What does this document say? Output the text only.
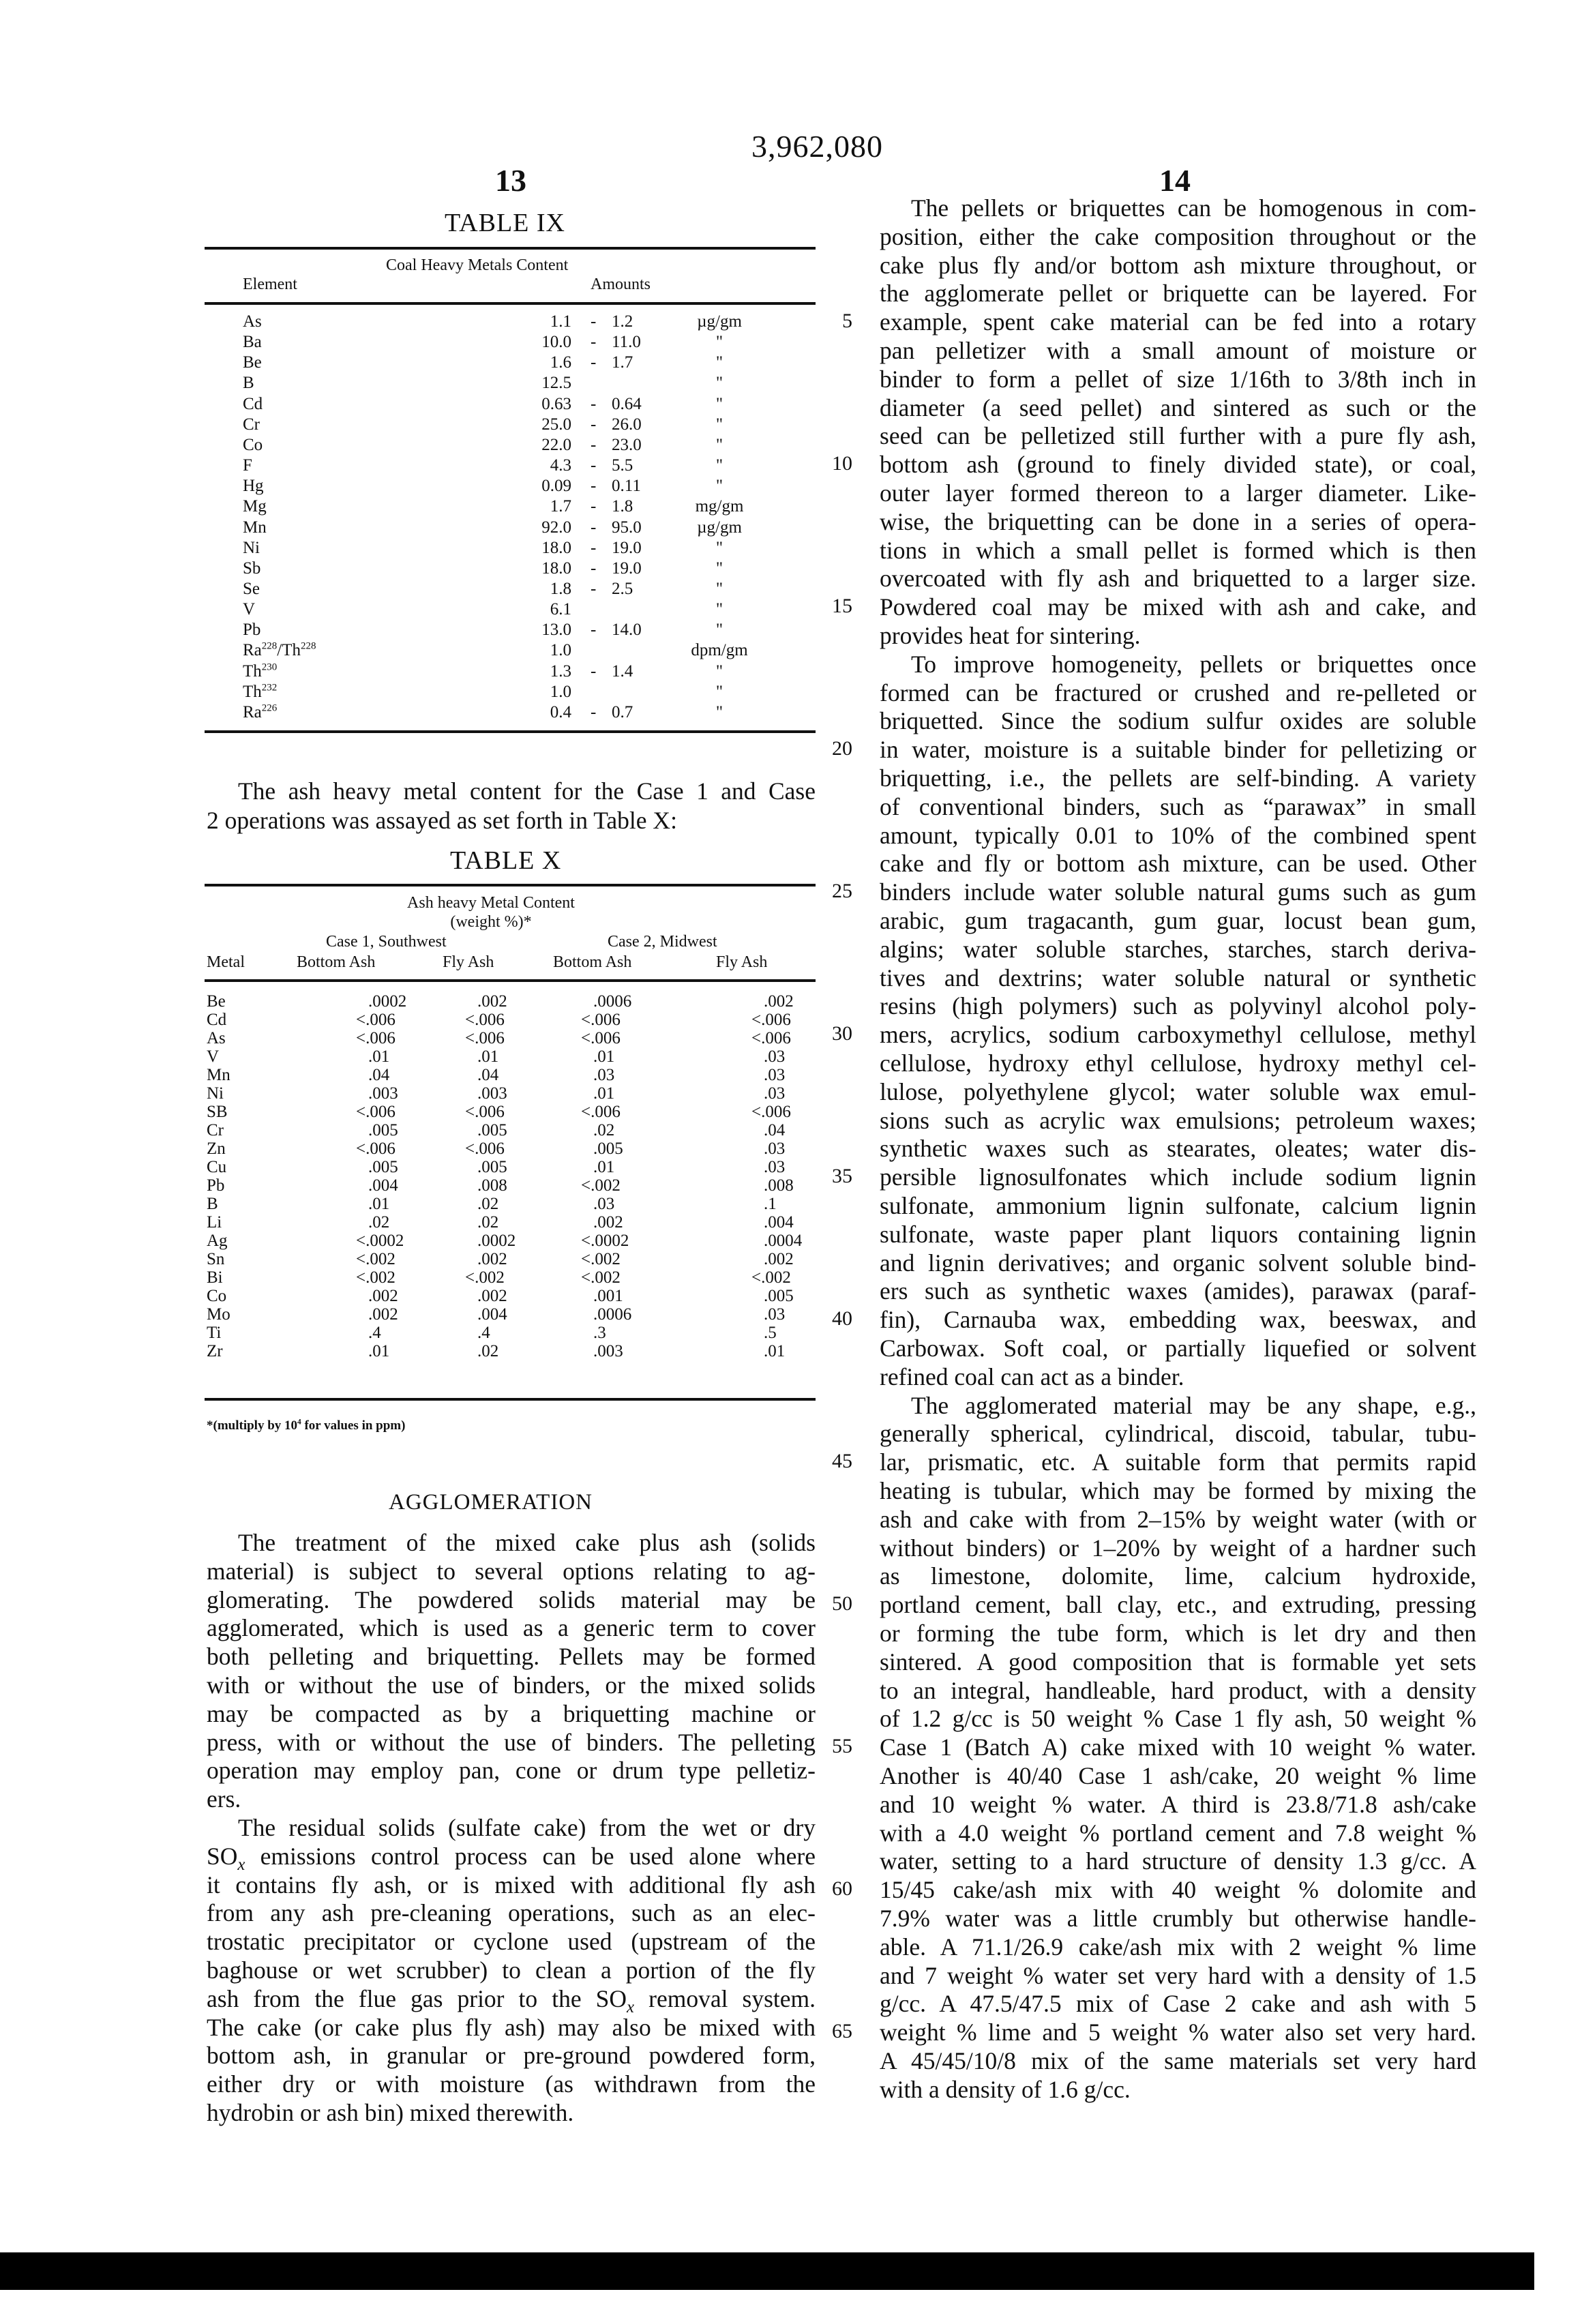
3,962,080
13	14
TABLE IX
Coal Heavy Metals Content
Element	Amounts
As	1.1 - 1.2	µg/gm
Ba	10.0 - 11.0	"
Be	1.6 - 1.7	"
B	12.5	"
Cd	0.63 - 0.64	"
Cr	25.0 - 26.0	"
Co	22.0 - 23.0	"
F	4.3 - 5.5	"
Hg	0.09 - 0.11	"
Mg	1.7 - 1.8	mg/gm
Mn	92.0 - 95.0	µg/gm
Ni	18.0 - 19.0	"
Sb	18.0 - 19.0	"
Se	1.8 - 2.5	"
V	6.1	"
Pb	13.0 - 14.0	"
Ra$^{228}$/Th$^{228}$	1.0	dpm/gm
Th$^{230}$	1.3 - 1.4	"
Th$^{232}$	1.0	"
Ra$^{226}$	0.4 - 0.7	"
The ash heavy metal content for the Case 1 and Case
2 operations was assayed as set forth in Table X:
TABLE X
Ash heavy Metal Content
(weight %)*
Case 1, Southwest	Case 2, Midwest
Metal	Bottom Ash	Fly Ash	Bottom Ash	Fly Ash
Be	.0002	.002	.0006	.002
Cd	<.006	<.006	<.006	<.006
As	<.006	<.006	<.006	<.006
V	.01	.01	.01	.03
Mn	.04	.04	.03	.03
Ni	.003	.003	.01	.03
SB	<.006	<.006	<.006	<.006
Cr	.005	.005	.02	.04
Zn	<.006	<.006	.005	.03
Cu	.005	.005	.01	.03
Pb	.004	.008	<.002	.008
B	.01	.02	.03	.1
Li	.02	.02	.002	.004
Ag	<.0002	.0002	<.0002	.0004
Sn	<.002	.002	<.002	.002
Bi	<.002	<.002	<.002	<.002
Co	.002	.002	.001	.005
Mo	.002	.004	.0006	.03
Ti	.4	.4	.3	.5
Zr	.01	.02	.003	.01
*(multiply by $10^4$ for values in ppm)
AGGLOMERATION
The treatment of the mixed cake plus ash (solids
material) is subject to several options relating to ag-
glomerating. The powdered solids material may be
agglomerated, which is used as a generic term to cover
both pelleting and briquetting. Pellets may be formed
with or without the use of binders, or the mixed solids
may be compacted as by a briquetting machine or
press, with or without the use of binders. The pelleting
operation may employ pan, cone or drum type pelletiz-
ers.
The residual solids (sulfate cake) from the wet or dry
$SO_x$ emissions control process can be used alone where
it contains fly ash, or is mixed with additional fly ash
from any ash pre-cleaning operations, such as an elec-
trostatic precipitator or cyclone used (upstream of the
baghouse or wet scrubber) to clean a portion of the fly
ash from the flue gas prior to the $SO_x$ removal system.
The cake (or cake plus fly ash) may also be mixed with
bottom ash, in granular or pre-ground powdered form,
either dry or with moisture (as withdrawn from the
hydrobin or ash bin) mixed therewith.
The pellets or briquettes can be homogenous in com-
position, either the cake composition throughout or the
cake plus fly and/or bottom ash mixture throughout, or
the agglomerate pellet or briquette can be layered. For
example, spent cake material can be fed into a rotary
pan pelletizer with a small amount of moisture or
binder to form a pellet of size 1/16th to 3/8th inch in
diameter (a seed pellet) and sintered as such or the
seed can be pelletized still further with a pure fly ash,
bottom ash (ground to finely divided state), or coal,
outer layer formed thereon to a larger diameter. Like-
wise, the briquetting can be done in a series of opera-
tions in which a small pellet is formed which is then
overcoated with fly ash and briquetted to a larger size.
Powdered coal may be mixed with ash and cake, and
provides heat for sintering.
To improve homogeneity, pellets or briquettes once
formed can be fractured or crushed and re-pelleted or
briquetted. Since the sodium sulfur oxides are soluble
in water, moisture is a suitable binder for pelletizing or
briquetting, i.e., the pellets are self-binding. A variety
of conventional binders, such as “parawax” in small
amount, typically 0.01 to 10% of the combined spent
cake and fly or bottom ash mixture, can be used. Other
binders include water soluble natural gums such as gum
arabic, gum tragacanth, gum guar, locust bean gum,
algins; water soluble starches, starches, starch deriva-
tives and dextrins; water soluble natural or synthetic
resins (high polymers) such as polyvinyl alcohol poly-
mers, acrylics, sodium carboxymethyl cellulose, methyl
cellulose, hydroxy ethyl cellulose, hydroxy methyl cel-
lulose, polyethylene glycol; water soluble wax emul-
sions such as acrylic wax emulsions; petroleum waxes;
synthetic waxes such as stearates, oleates; water dis-
persible lignosulfonates which include sodium lignin
sulfonate, ammonium lignin sulfonate, calcium lignin
sulfonate, waste paper plant liquors containing lignin
and lignin derivatives; and organic solvent soluble bind-
ers such as synthetic waxes (amides), parawax (paraf-
fin), Carnauba wax, embedding wax, beeswax, and
Carbowax. Soft coal, or partially liquefied or solvent
refined coal can act as a binder.
The agglomerated material may be any shape, e.g.,
generally spherical, cylindrical, discoid, tabular, tubu-
lar, prismatic, etc. A suitable form that permits rapid
heating is tubular, which may be formed by mixing the
ash and cake with from 2–15% by weight water (with or
without binders) or 1–20% by weight of a hardner such
as limestone, dolomite, lime, calcium hydroxide,
portland cement, ball clay, etc., and extruding, pressing
or forming the tube form, which is let dry and then
sintered. A good composition that is formable yet sets
to an integral, handleable, hard product, with a density
of 1.2 g/cc is 50 weight % Case 1 fly ash, 50 weight %
Case 1 (Batch A) cake mixed with 10 weight % water.
Another is 40/40 Case 1 ash/cake, 20 weight % lime
and 10 weight % water. A third is 23.8/71.8 ash/cake
with a 4.0 weight % portland cement and 7.8 weight %
water, setting to a hard structure of density 1.3 g/cc. A
15/45 cake/ash mix with 40 weight % dolomite and
7.9% water was a little crumbly but otherwise handle-
able. A 71.1/26.9 cake/ash mix with 2 weight % lime
and 7 weight % water set very hard with a density of 1.5
g/cc. A 47.5/47.5 mix of Case 2 cake and ash with 5
weight % lime and 5 weight % water also set very hard.
A 45/45/10/8 mix of the same materials set very hard
with a density of 1.6 g/cc.
5
10
15
20
25
30
35
40
45
50
55
60
65
